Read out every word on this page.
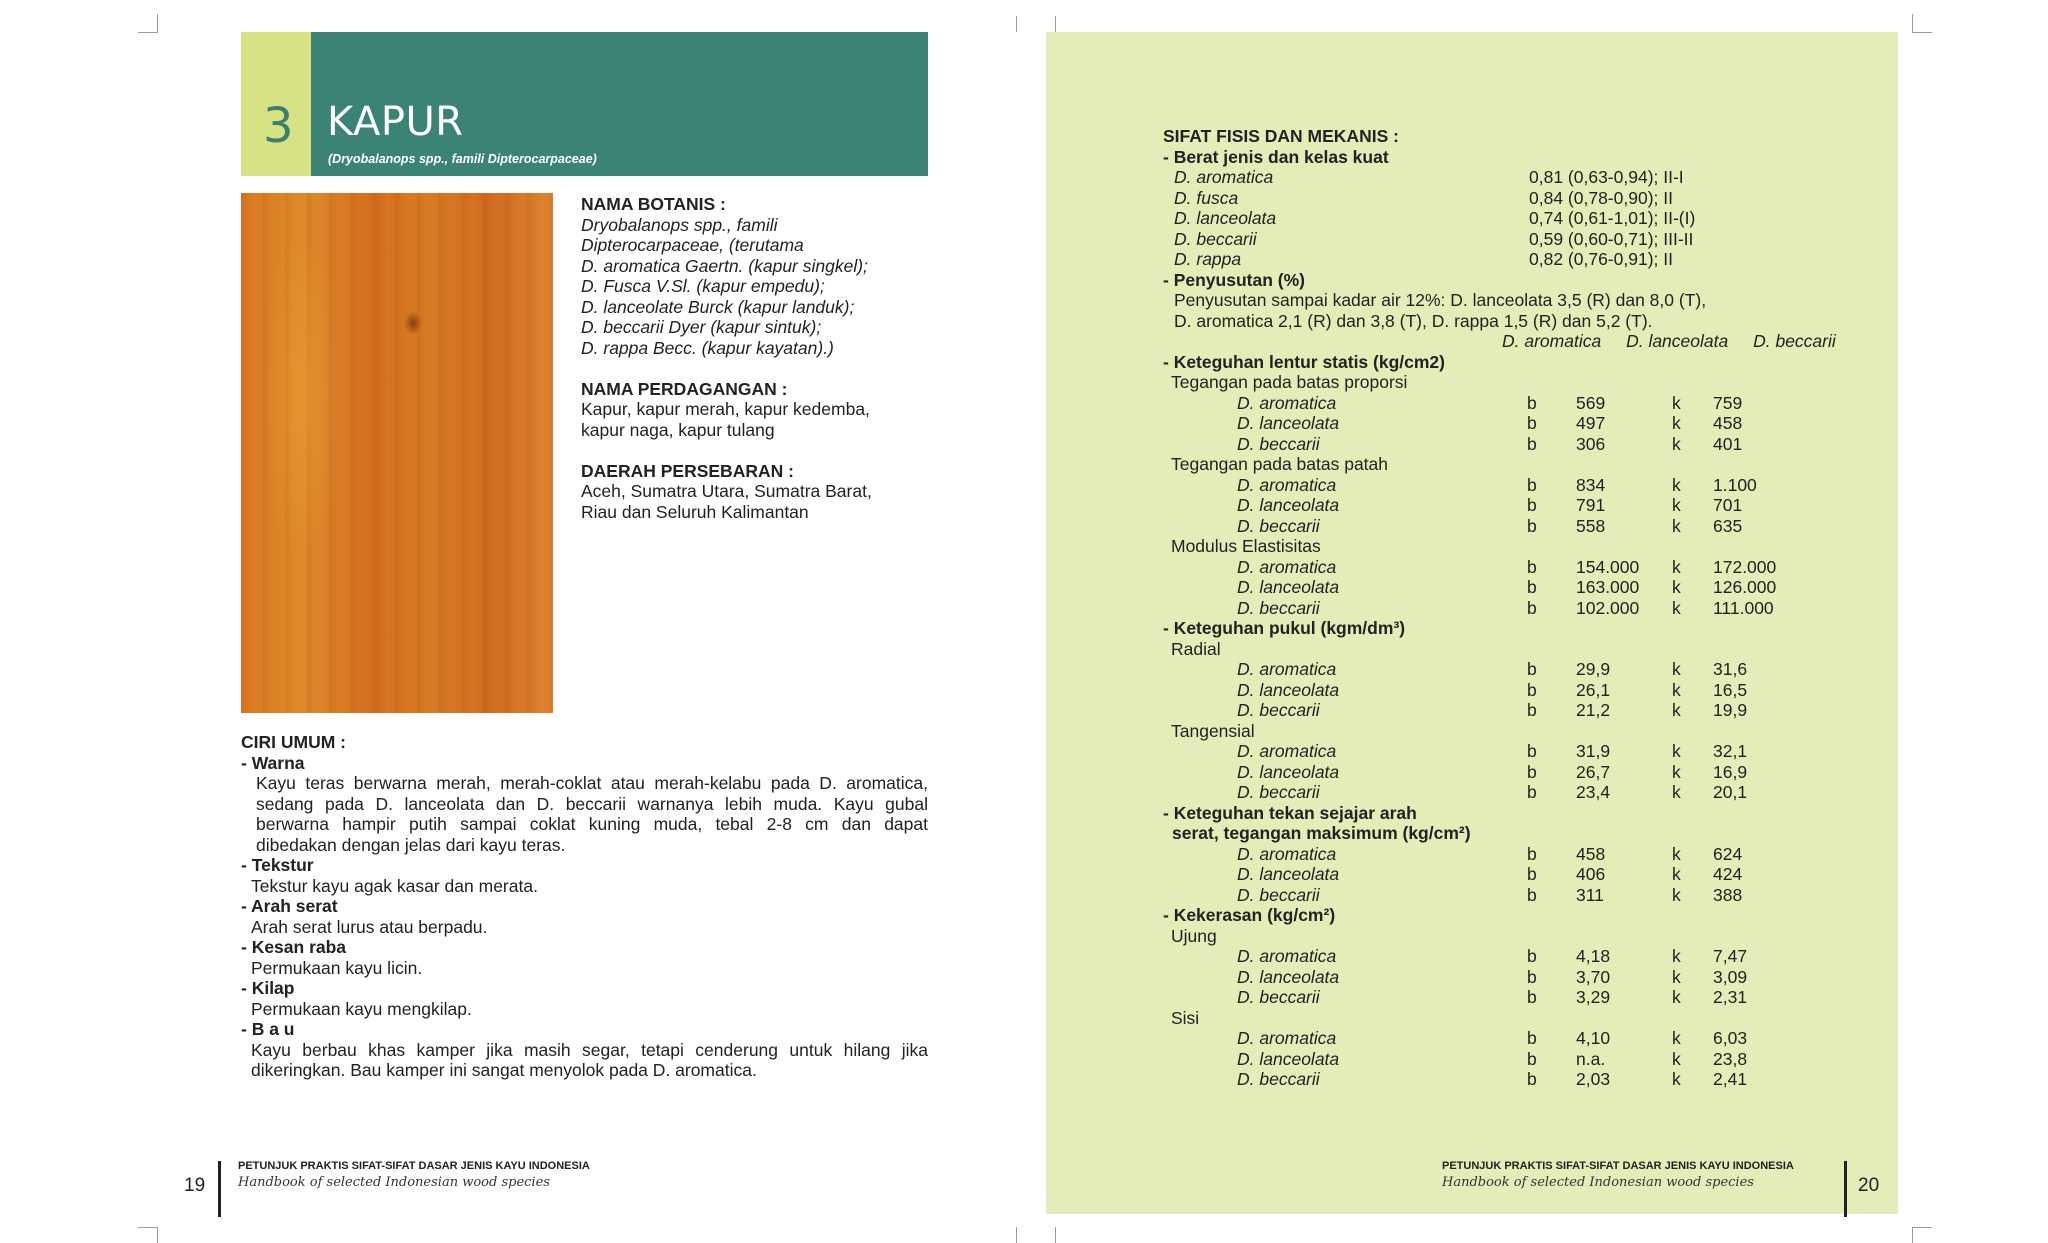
3 KAPUR
(Dryobalanops spp., famili Dipterocarpaceae)
NAMA BOTANIS :

Dryobalanops spp., famili

Dipterocarpaceae, (terutama

D. aromatica Gaertn. (kapur singkel);

D. Fusca V.Sl. (kapur empedu);

D. lanceolate Burck (kapur landuk);

D. beccarii Dyer (kapur sintuk);

D. rappa Becc. (kapur kayatan).)

NAMA PERDAGANGAN :

Kapur, kapur merah, kapur kedemba,

kapur naga, kapur tulang

DAERAH PERSEBARAN :

Aceh, Sumatra Utara, Sumatra Barat,

Riau dan Seluruh Kalimantan

CIRI UMUM :
- Warna
Kayu teras berwarna merah, merah-coklat atau merah-kelabu pada D. aromatica,
sedang pada D. lanceolata dan D. beccarii warnanya lebih muda. Kayu gubal
berwarna hampir putih sampai coklat kuning muda, tebal 2-8 cm dan dapat
dibedakan dengan jelas dari kayu teras.
- Tekstur
Tekstur kayu agak kasar dan merata.
- Arah serat
Arah serat lurus atau berpadu.
- Kesan raba
Permukaan kayu licin.
- Kilap
Permukaan kayu mengkilap.
- B a u
Kayu berbau khas kamper jika masih segar, tetapi cenderung untuk hilang jika
dikeringkan. Bau kamper ini sangat menyolok pada D. aromatica.
19
PETUNJUK PRAKTIS SIFAT-SIFAT DASAR JENIS KAYU INDONESIA
Handbook of selected Indonesian wood species
SIFAT FISIS DAN MEKANIS :
- Berat jenis dan kelas kuat
D. aromatica	0,81 (0,63-0,94); II-I
D. fusca	0,84 (0,78-0,90); II
D. lanceolata	0,74 (0,61-1,01); II-(I)
D. beccarii	0,59 (0,60-0,71); III-II
D. rappa	0,82 (0,76-0,91); II
- Penyusutan (%)
Penyusutan sampai kadar air 12%: D. lanceolata 3,5 (R) dan 8,0 (T),
D. aromatica 2,1 (R) dan 3,8 (T), D. rappa 1,5 (R) dan 5,2 (T).
D. aromatica D. lanceolata D. beccarii
- Keteguhan lentur statis (kg/cm2)
Tegangan pada batas proporsi
D. aromatica	b 569	k 759
D. lanceolata	b 497	k 458
D. beccarii	b 306	k 401
Tegangan pada batas patah
D. aromatica	b 834	k 1.100
D. lanceolata	b 791	k 701
D. beccarii	b 558	k 635
Modulus Elastisitas
D. aromatica	b 154.000 k 172.000
D. lanceolata	b 163.000 k 126.000
D. beccarii	b 102.000 k 111.000
- Keteguhan pukul (kgm/dm³)
Radial
D. aromatica	b 29,9	k 31,6
D. lanceolata	b 26,1	k 16,5
D. beccarii	b 21,2	k 19,9
Tangensial
D. aromatica	b 31,9	k 32,1
D. lanceolata	b 26,7	k 16,9
D. beccarii	b 23,4	k 20,1
- Keteguhan tekan sejajar arah
serat, tegangan maksimum (kg/cm²)
D. aromatica	b 458	k 624
D. lanceolata	b 406	k 424
D. beccarii	b 311	k 388
- Kekerasan (kg/cm²)
Ujung
D. aromatica	b 4,18	k 7,47
D. lanceolata	b 3,70	k 3,09
D. beccarii	b 3,29	k 2,31
Sisi
D. aromatica	b 4,10	k 6,03
D. lanceolata	b n.a.	k 23,8
D. beccarii	b 2,03	k 2,41
PETUNJUK PRAKTIS SIFAT-SIFAT DASAR JENIS KAYU INDONESIA
Handbook of selected Indonesian wood species	20
